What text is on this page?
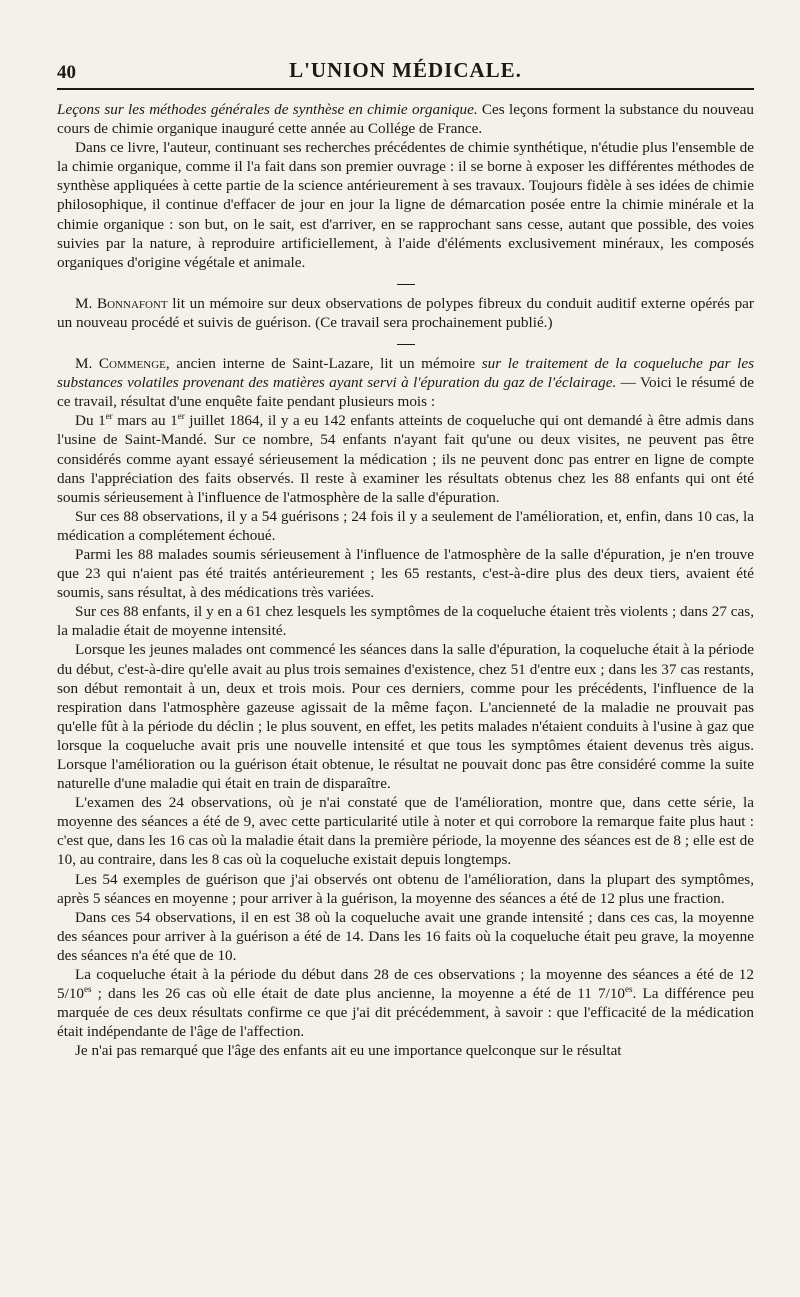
40	L'UNION MÉDICALE.

Leçons sur les méthodes générales de synthèse en chimie organique. Ces leçons forment la substance du nouveau cours de chimie organique inauguré cette année au Collége de France.

Dans ce livre, l'auteur, continuant ses recherches précédentes de chimie synthétique, n'étudie plus l'ensemble de la chimie organique, comme il l'a fait dans son premier ouvrage : il se borne à exposer les différentes méthodes de synthèse appliquées à cette partie de la science antérieurement à ses travaux. Toujours fidèle à ses idées de chimie philosophique, il continue d'effacer de jour en jour la ligne de démarcation posée entre la chimie minérale et la chimie organique : son but, on le sait, est d'arriver, en se rapprochant sans cesse, autant que possible, des voies suivies par la nature, à reproduire artificiellement, à l'aide d'éléments exclusivement minéraux, les composés organiques d'origine végétale et animale.

M. Bonnafont lit un mémoire sur deux observations de polypes fibreux du conduit auditif externe opérés par un nouveau procédé et suivis de guérison. (Ce travail sera prochainement publié.)

M. Commenge, ancien interne de Saint-Lazare, lit un mémoire sur le traitement de la coqueluche par les substances volatiles provenant des matières ayant servi à l'épuration du gaz de l'éclairage. — Voici le résumé de ce travail, résultat d'une enquête faite pendant plusieurs mois :

Du 1er mars au 1er juillet 1864, il y a eu 142 enfants atteints de coqueluche qui ont demandé à être admis dans l'usine de Saint-Mandé. Sur ce nombre, 54 enfants n'ayant fait qu'une ou deux visites, ne peuvent pas être considérés comme ayant essayé sérieusement la médication ; ils ne peuvent donc pas entrer en ligne de compte dans l'appréciation des faits observés. Il reste à examiner les résultats obtenus chez les 88 enfants qui ont été soumis sérieusement à l'influence de l'atmosphère de la salle d'épuration.

Sur ces 88 observations, il y a 54 guérisons ; 24 fois il y a seulement de l'amélioration, et, enfin, dans 10 cas, la médication a complétement échoué.

Parmi les 88 malades soumis sérieusement à l'influence de l'atmosphère de la salle d'épuration, je n'en trouve que 23 qui n'aient pas été traités antérieurement ; les 65 restants, c'est-à-dire plus des deux tiers, avaient été soumis, sans résultat, à des médications très variées.

Sur ces 88 enfants, il y en a 61 chez lesquels les symptômes de la coqueluche étaient très violents ; dans 27 cas, la maladie était de moyenne intensité.

Lorsque les jeunes malades ont commencé les séances dans la salle d'épuration, la coqueluche était à la période du début, c'est-à-dire qu'elle avait au plus trois semaines d'existence, chez 51 d'entre eux ; dans les 37 cas restants, son début remontait à un, deux et trois mois. Pour ces derniers, comme pour les précédents, l'influence de la respiration dans l'atmosphère gazeuse agissait de la même façon. L'ancienneté de la maladie ne prouvait pas qu'elle fût à la période du déclin ; le plus souvent, en effet, les petits malades n'étaient conduits à l'usine à gaz que lorsque la coqueluche avait pris une nouvelle intensité et que tous les symptômes étaient devenus très aigus. Lorsque l'amélioration ou la guérison était obtenue, le résultat ne pouvait donc pas être considéré comme la suite naturelle d'une maladie qui était en train de disparaître.

L'examen des 24 observations, où je n'ai constaté que de l'amélioration, montre que, dans cette série, la moyenne des séances a été de 9, avec cette particularité utile à noter et qui corrobore la remarque faite plus haut : c'est que, dans les 16 cas où la maladie était dans la première période, la moyenne des séances est de 8 ; elle est de 10, au contraire, dans les 8 cas où la coqueluche existait depuis longtemps.

Les 54 exemples de guérison que j'ai observés ont obtenu de l'amélioration, dans la plupart des symptômes, après 5 séances en moyenne ; pour arriver à la guérison, la moyenne des séances a été de 12 plus une fraction.

Dans ces 54 observations, il en est 38 où la coqueluche avait une grande intensité ; dans ces cas, la moyenne des séances pour arriver à la guérison a été de 14. Dans les 16 faits où la coqueluche était peu grave, la moyenne des séances n'a été que de 10.

La coqueluche était à la période du début dans 28 de ces observations ; la moyenne des séances a été de 12 $5/10^{es}$ ; dans les 26 cas où elle était de date plus ancienne, la moyenne a été de 11 $7/10^{es}$. La différence peu marquée de ces deux résultats confirme ce que j'ai dit précédemment, à savoir : que l'efficacité de la médication était indépendante de l'âge de l'affection.

Je n'ai pas remarqué que l'âge des enfants ait eu une importance quelconque sur le résultat
